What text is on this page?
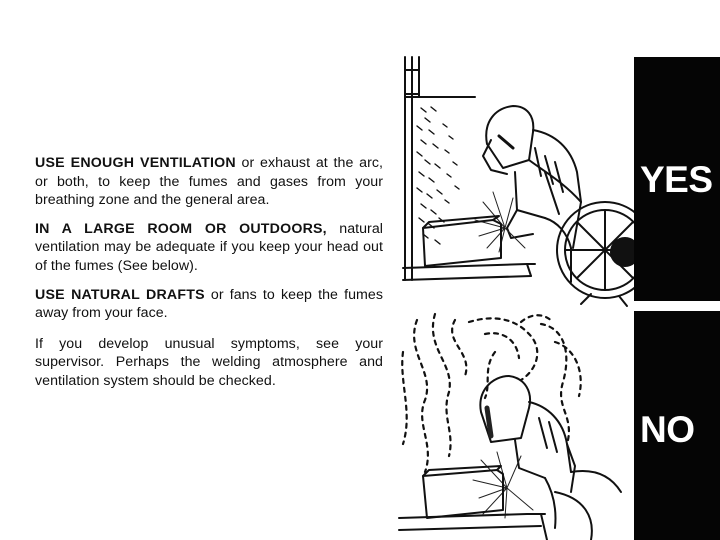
USE ENOUGH VENTILATION or exhaust at the arc, or both, to keep the fumes and gases from your breathing zone and the general area.

IN A LARGE ROOM OR OUTDOORS, natural ventilation may be adequate if you keep your head out of the fumes (See below).

USE NATURAL DRAFTS or fans to keep the fumes away from your face.

If you develop unusual symptoms, see your supervisor. Perhaps the welding atmosphere and ventilation system should be checked.

YES
NO
